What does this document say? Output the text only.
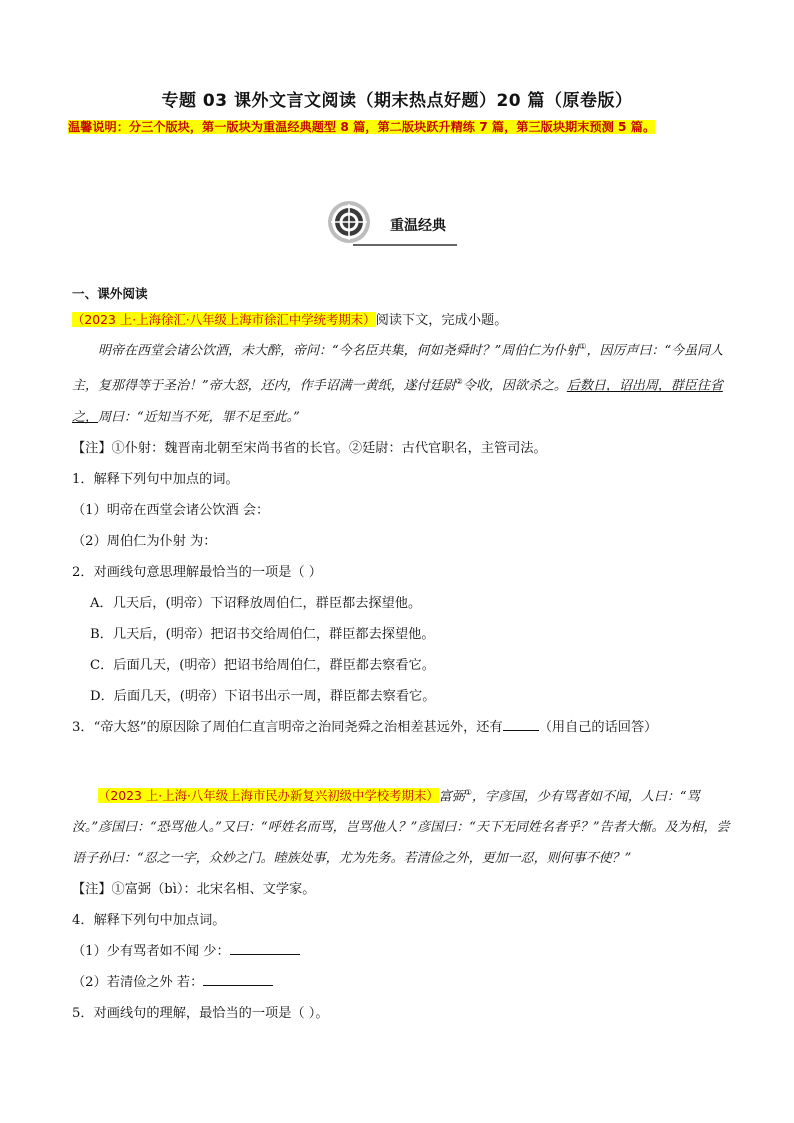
专题 03 课外文言文阅读（期末热点好题）20 篇（原卷版）
温馨说明：分三个版块，第一版块为重温经典题型 8 篇，第二版块跃升精练 7 篇，第三版块期末预测 5 篇。
重温经典
一、课外阅读
（2023 上·上海徐汇·八年级上海市徐汇中学统考期末）阅读下文，完成小题。
明帝在西堂会诸公饮酒，未大醉，帝问：“今名臣共集，何如尧舜时？”周伯仁为仆射①，因厉声曰：“今虽同人主，复那得等于圣治！”帝大怒，还内，作手诏满一黄纸，遂付廷尉②令收，因欲杀之。后数日，诏出周，群臣往省之，周曰：“近知当不死，罪不足至此。”
【注】①仆射：魏晋南北朝至宋尚书省的长官。②廷尉：古代官职名，主管司法。
1．解释下列句中加点的词。
（1）明帝在西堂会诸公饮酒 会：
（2）周伯仁为仆射 为：
2．对画线句意思理解最恰当的一项是（ ）
A．几天后，(明帝）下诏释放周伯仁，群臣都去探望他。
B．几天后，(明帝）把诏书交给周伯仁，群臣都去探望他。
C．后面几天，(明帝）把诏书给周伯仁，群臣都去察看它。
D．后面几天，(明帝）下诏书出示一周，群臣都去察看它。
3．“帝大怒”的原因除了周伯仁直言明帝之治同尧舜之治相差甚远外，还有	（用自己的话回答）
（2023 上·上海·八年级上海市民办新复兴初级中学校考期末）富弼①，字彦国，少有骂者如不闻，人曰：“骂汝。”彦国曰：“恐骂他人。”又曰：“呼姓名而骂，岂骂他人？”彦国曰：“天下无同姓名者乎？”告者大惭。及为相，尝语子孙曰：“忍之一字，众妙之门。睦族处事，尤为先务。若清俭之外，更加一忍，则何事不使？”
【注】①富弼（bì）：北宋名相、文学家。
4．解释下列句中加点词。
（1）少有骂者如不闻 少：
（2）若清俭之外 若：
5．对画线句的理解，最恰当的一项是（ ）。
